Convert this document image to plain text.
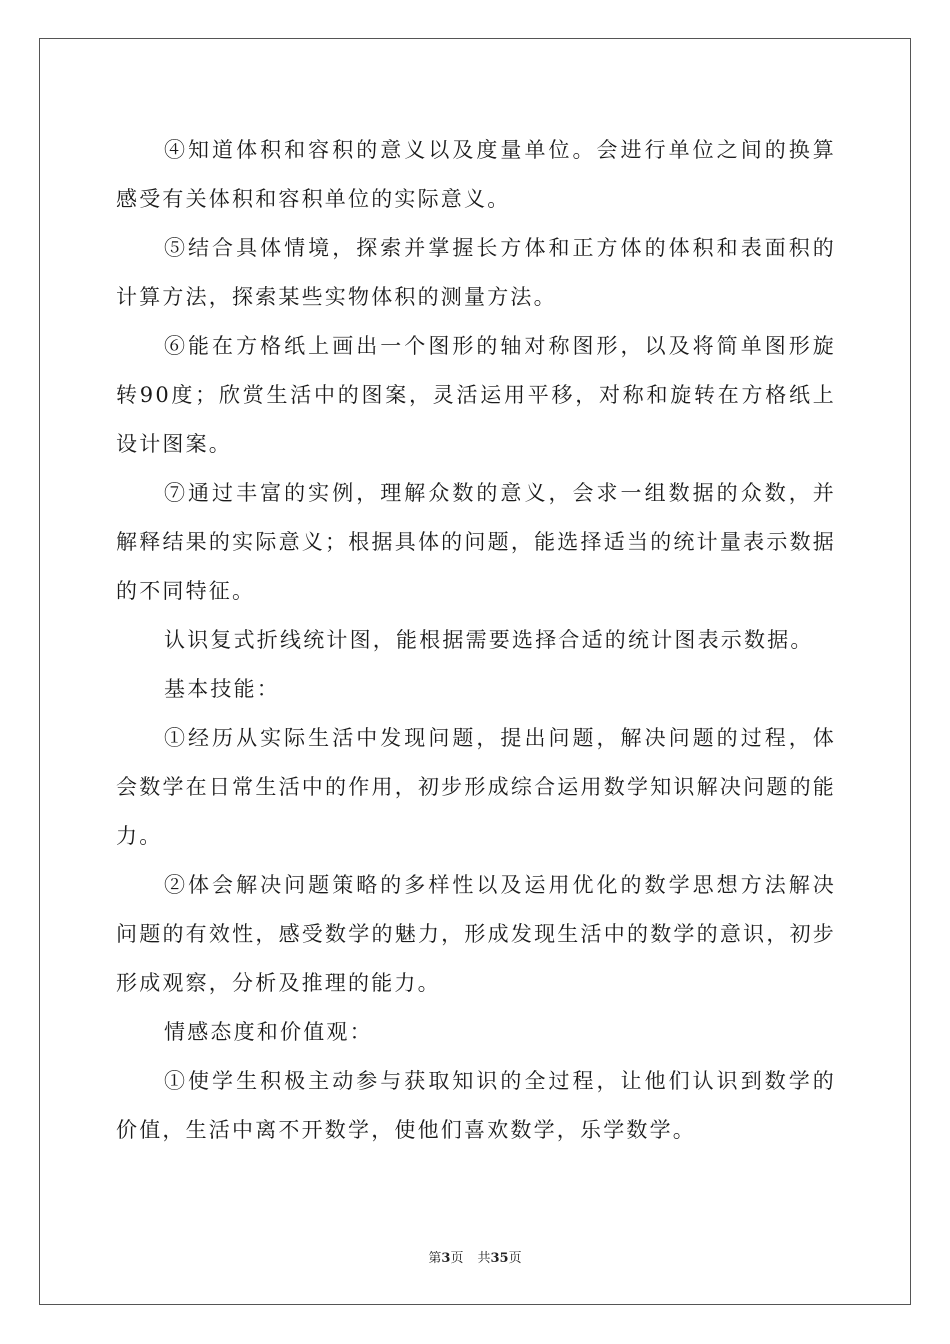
④知道体积和容积的意义以及度量单位。会进行单位之间的换算感受有关体积和容积单位的实际意义。

⑤结合具体情境，探索并掌握长方体和正方体的体积和表面积的计算方法，探索某些实物体积的测量方法。

⑥能在方格纸上画出一个图形的轴对称图形，以及将简单图形旋转90度；欣赏生活中的图案，灵活运用平移，对称和旋转在方格纸上设计图案。

⑦通过丰富的实例，理解众数的意义，会求一组数据的众数，并解释结果的实际意义；根据具体的问题，能选择适当的统计量表示数据的不同特征。

认识复式折线统计图，能根据需要选择合适的统计图表示数据。

基本技能：

①经历从实际生活中发现问题，提出问题，解决问题的过程，体会数学在日常生活中的作用，初步形成综合运用数学知识解决问题的能力。

②体会解决问题策略的多样性以及运用优化的数学思想方法解决问题的有效性，感受数学的魅力，形成发现生活中的数学的意识，初步形成观察，分析及推理的能力。

情感态度和价值观：

①使学生积极主动参与获取知识的全过程，让他们认识到数学的价值，生活中离不开数学，使他们喜欢数学，乐学数学。

第3页 共35页
